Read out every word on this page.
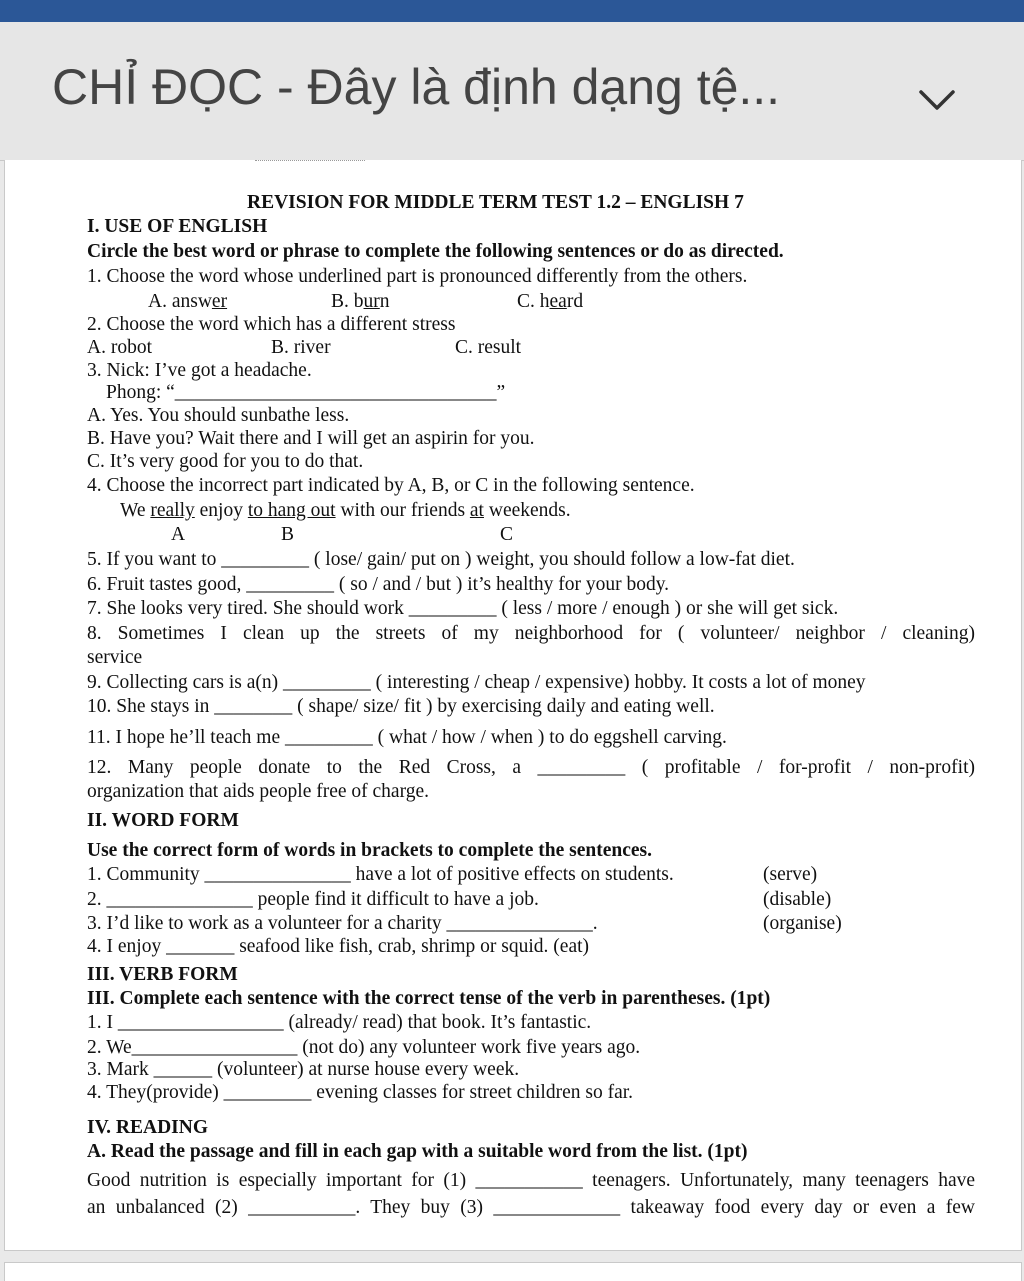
CHỈ ĐỌC - Đây là định dạng tệ...
REVISION FOR MIDDLE TERM TEST 1.2 – ENGLISH 7
I. USE OF ENGLISH
Circle the best word or phrase to complete the following sentences or do as directed.
1. Choose the word whose underlined part is pronounced differently from the others.
A. answer	B. burn	C. heard
2. Choose the word which has a different stress
A. robot	B. river	C. result
3. Nick: I’ve got a headache.
Phong: “_________________________________”
A. Yes. You should sunbathe less.
B. Have you? Wait there and I will get an aspirin for you.
C. It’s very good for you to do that.
4. Choose the incorrect part indicated by A, B, or C in the following sentence.
We really enjoy to hang out with our friends at weekends.
A	B	C
5. If you want to _________ ( lose/ gain/ put on ) weight, you should follow a low-fat diet.
6. Fruit tastes good, _________ ( so / and / but ) it’s healthy for your body.
7. She looks very tired. She should work _________ ( less / more / enough ) or she will get sick.
8. Sometimes I clean up the streets of my neighborhood for ( volunteer/ neighbor / cleaning)
service
9. Collecting cars is a(n) _________ ( interesting / cheap / expensive) hobby. It costs a lot of money
10. She stays in ________ ( shape/ size/ fit ) by exercising daily and eating well.
11. I hope he’ll teach me _________ ( what / how / when ) to do eggshell carving.
12. Many people donate to the Red Cross, a _________ ( profitable / for-profit / non-profit)
organization that aids people free of charge.
II. WORD FORM
Use the correct form of words in brackets to complete the sentences.
1. Community _______________ have a lot of positive effects on students.	(serve)
2. _______________ people find it difficult to have a job.	(disable)
3. I’d like to work as a volunteer for a charity _______________.	(organise)
4. I enjoy _______ seafood like fish, crab, shrimp or squid. (eat)
III. VERB FORM
III. Complete each sentence with the correct tense of the verb in parentheses. (1pt)
1. I _________________ (already/ read) that book. It’s fantastic.
2. We_________________ (not do) any volunteer work five years ago.
3. Mark ______ (volunteer) at nurse house every week.
4. They(provide) _________ evening classes for street children so far.
IV. READING
A. Read the passage and fill in each gap with a suitable word from the list. (1pt)
Good nutrition is especially important for (1) ___________ teenagers. Unfortunately, many teenagers have
an unbalanced (2) ___________. They buy (3) _____________ takeaway food every day or even a few
